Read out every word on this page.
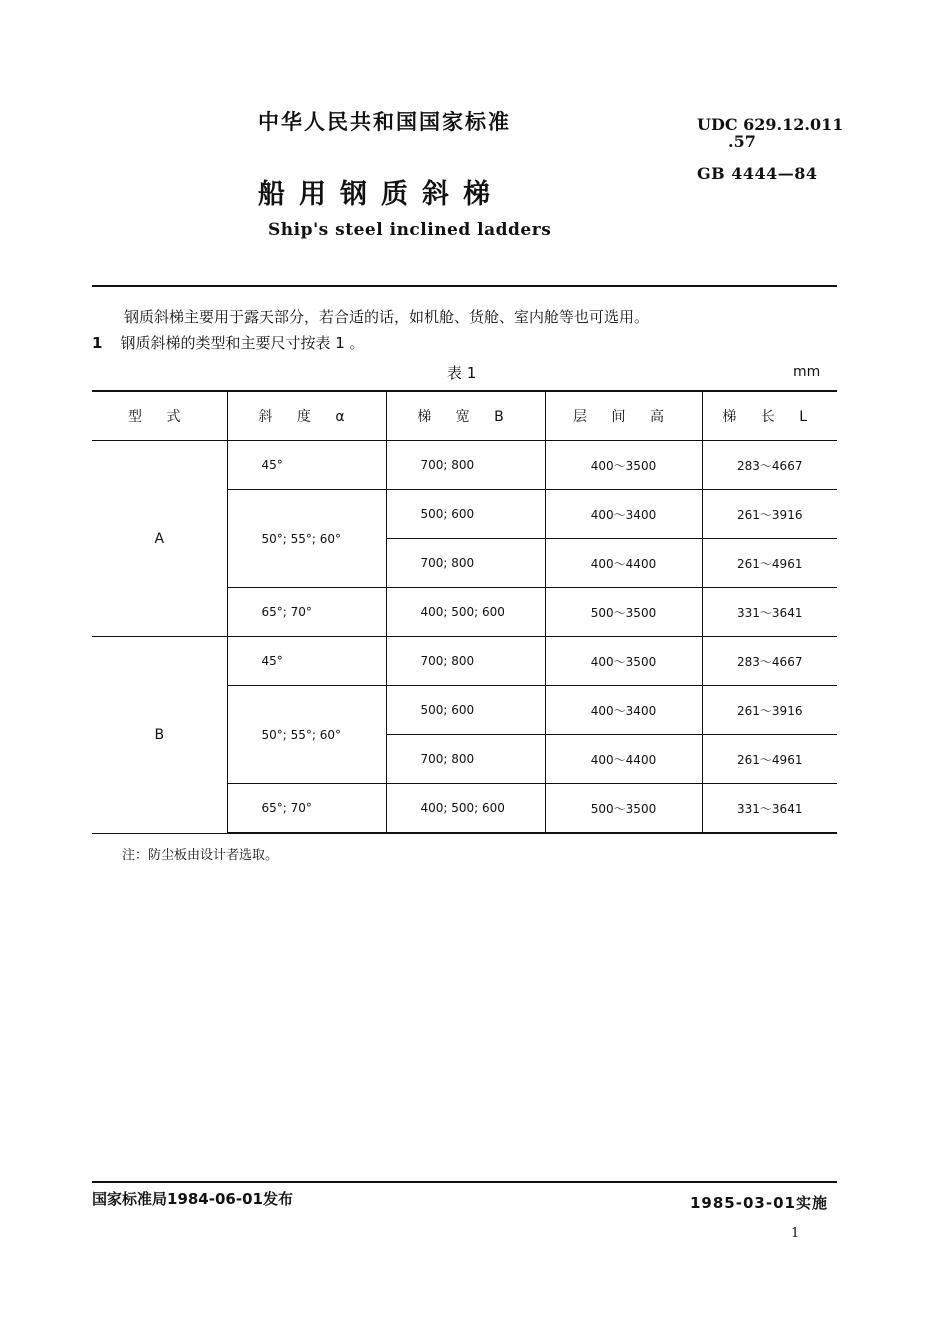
中华人民共和国国家标准
船用钢质斜梯
Ship's steel inclined ladders
UDC 629.12.011
.57
GB 4444—84
钢质斜梯主要用于露天部分，若合适的话，如机舱、货舱、室内舱等也可选用。
1 钢质斜梯的类型和主要尺寸按表 1 。
表 1	mm
型 式	斜 度 α	梯 宽 B	层 间 高	梯 长 L
A	45°	700; 800	400～3500	283～4667
	50°; 55°; 60°	500; 600	400～3400	261～3916
		700; 800	400～4400	261～4961
	65°; 70°	400; 500; 600	500～3500	331～3641
B	45°	700; 800	400～3500	283～4667
	50°; 55°; 60°	500; 600	400～3400	261～3916
		700; 800	400～4400	261～4961
	65°; 70°	400; 500; 600	500～3500	331～3641
注：防尘板由设计者选取。
国家标准局1984-06-01发布	1985-03-01实施
1
